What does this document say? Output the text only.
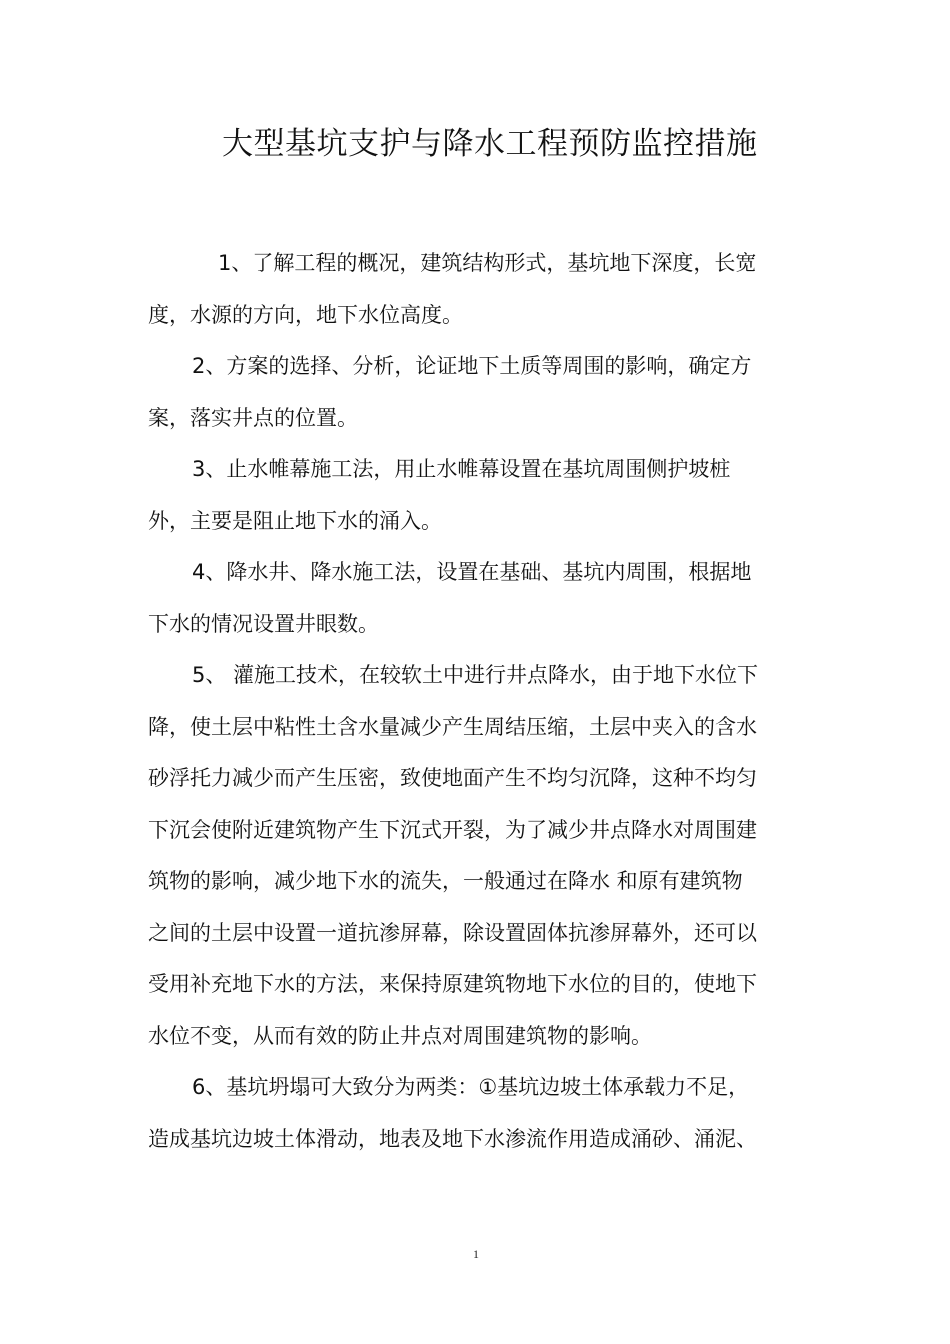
大型基坑支护与降水工程预防监控措施
1、了解工程的概况，建筑结构形式，基坑地下深度，长宽
度，水源的方向，地下水位高度。
2、方案的选择、分析，论证地下土质等周围的影响，确定方
案，落实井点的位置。
3、止水帷幕施工法，用止水帷幕设置在基坑周围侧护坡桩
外，主要是阻止地下水的涌入。
4、降水井、降水施工法，设置在基础、基坑内周围，根据地
下水的情况设置井眼数。
5、 灌施工技术，在较软土中进行井点降水，由于地下水位下
降，使土层中粘性土含水量减少产生周结压缩，土层中夹入的含水
砂浮托力减少而产生压密，致使地面产生不均匀沉降，这种不均匀
下沉会使附近建筑物产生下沉式开裂，为了减少井点降水对周围建
筑物的影响，减少地下水的流失，一般通过在降水 和原有建筑物
之间的土层中设置一道抗渗屏幕，除设置固体抗渗屏幕外，还可以
受用补充地下水的方法，来保持原建筑物地下水位的目的，使地下
水位不变，从而有效的防止井点对周围建筑物的影响。
6、基坑坍塌可大致分为两类：①基坑边坡土体承载力不足，
造成基坑边坡土体滑动，地表及地下水渗流作用造成涌砂、涌泥、
1
